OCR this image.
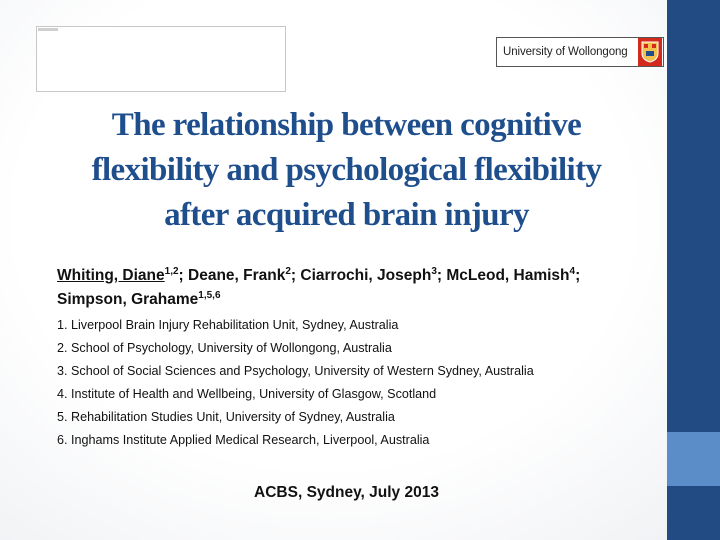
University of Wollongong
The relationship between cognitive
flexibility and psychological flexibility
after acquired brain injury
Whiting, Diane$^{1,2}$; Deane, Frank$^2$; Ciarrochi, Joseph$^3$; McLeod, Hamish$^4$;
Simpson, Grahame$^{1,5,6}$
1. Liverpool Brain Injury Rehabilitation Unit, Sydney, Australia
2. School of Psychology, University of Wollongong, Australia
3. School of Social Sciences and Psychology, University of Western Sydney, Australia
4. Institute of Health and Wellbeing, University of Glasgow, Scotland
5. Rehabilitation Studies Unit, University of Sydney, Australia
6. Inghams Institute Applied Medical Research, Liverpool, Australia
ACBS, Sydney, July 2013
